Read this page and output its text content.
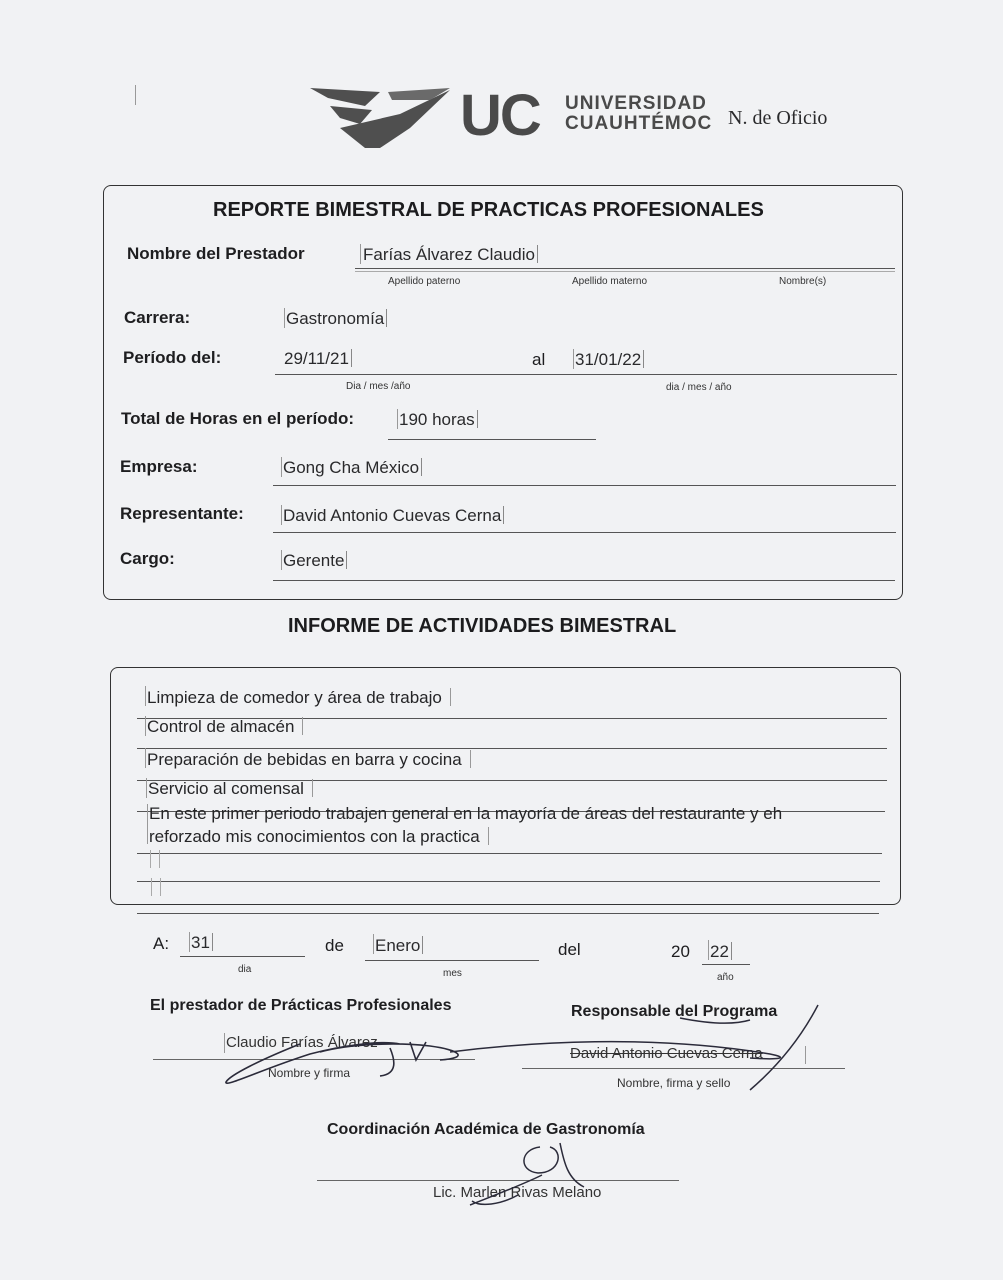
UC UNIVERSIDAD
CUAUHTÉMOC N. de Oficio
REPORTE BIMESTRAL DE PRACTICAS PROFESIONALES
Nombre del Prestador	Farías Álvarez Claudio
Apellido paterno	Apellido materno	Nombre(s)
Carrera:	Gastronomía
Período del:	29/11/21	al 31/01/22
Dia / mes /año	dia / mes / año
Total de Horas en el período:	190 horas
Empresa:	Gong Cha México
Representante: David Antonio Cuevas Cerna
Cargo:	Gerente
INFORME DE ACTIVIDADES BIMESTRAL
Limpieza de comedor y área de trabajo
Control de almacén
Preparación de bebidas en barra y cocina
Servicio al comensal
En este primer periodo trabajen general en la mayoría de áreas del restaurante y eh
reforzado mis conocimientos con la practica
A: 31
dia
de Enero
mes
del	20 22
año
El prestador de Prácticas Profesionales
Claudio Farías Álvarez
Nombre y firma
Responsable del Programa
David Antonio Cuevas Cerna
Nombre, firma y sello
Coordinación Académica de Gastronomía
Lic. Marlen Rivas Melano
